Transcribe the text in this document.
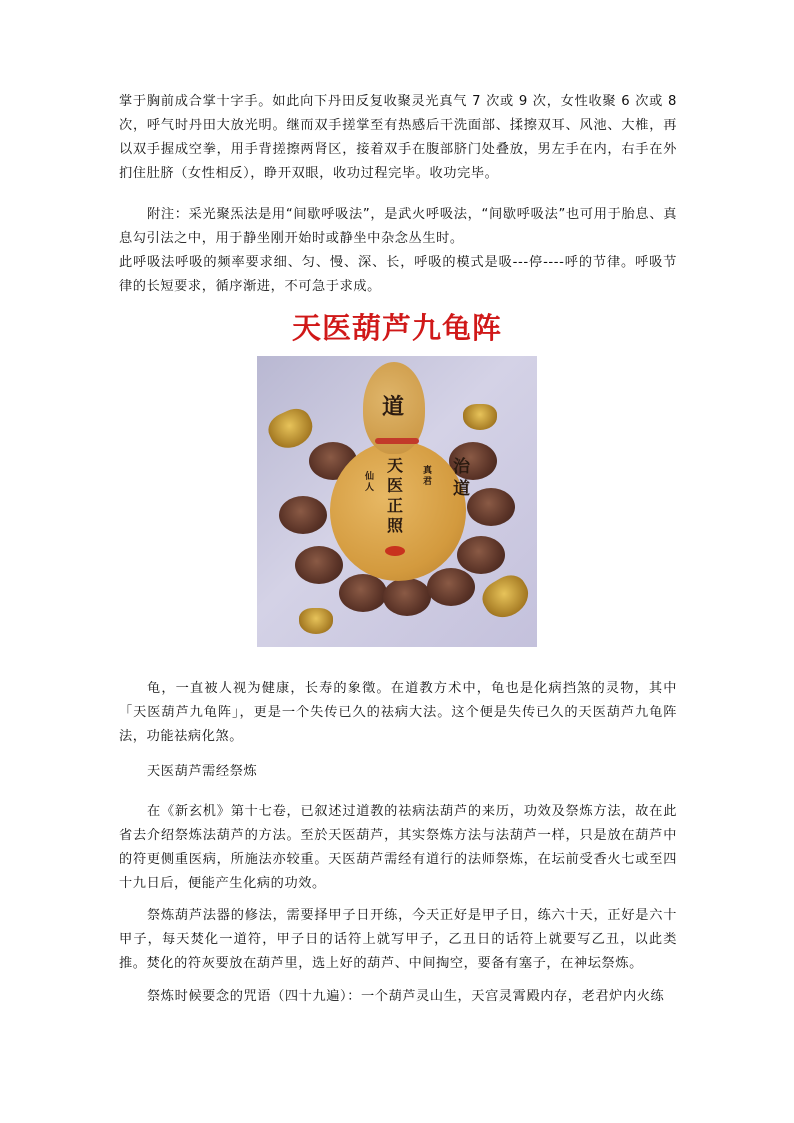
掌于胸前成合掌十字手。如此向下丹田反复收聚灵光真气 7 次或 9 次，女性收聚 6 次或 8 次，呼气时丹田大放光明。继而双手搓掌至有热感后干洗面部、揉擦双耳、风池、大椎，再以双手握成空拳，用手背搓擦两肾区，接着双手在腹部脐门处叠放，男左手在内，右手在外扪住肚脐（女性相反），睁开双眼，收功过程完毕。收功完毕。

附注：采光聚炁法是用“间歇呼吸法”，是武火呼吸法，“间歇呼吸法”也可用于胎息、真息勾引法之中，用于静坐刚开始时或静坐中杂念丛生时。

此呼吸法呼吸的频率要求细、匀、慢、深、长，呼吸的模式是吸---停----呼的节律。呼吸节律的长短要求，循序渐进，不可急于求成。

天医葫芦九龟阵
道
天医正照
真君
仙人
治道

龟，一直被人视为健康，长寿的象徵。在道教方术中，龟也是化病挡煞的灵物，其中「天医葫芦九龟阵」，更是一个失传已久的祛病大法。这个便是失传已久的天医葫芦九龟阵法，功能祛病化煞。

天医葫芦需经祭炼

在《新玄机》第十七卷，已叙述过道教的祛病法葫芦的来历，功效及祭炼方法，故在此省去介绍祭炼法葫芦的方法。至於天医葫芦，其实祭炼方法与法葫芦一样，只是放在葫芦中的符更侧重医病，所施法亦较重。天医葫芦需经有道行的法师祭炼，在坛前受香火七或至四十九日后，便能产生化病的功效。

祭炼葫芦法器的修法，需要择甲子日开练，今天正好是甲子日，练六十天，正好是六十甲子，每天焚化一道符，甲子日的话符上就写甲子，乙丑日的话符上就要写乙丑，以此类推。焚化的符灰要放在葫芦里，选上好的葫芦、中间掏空，要备有塞子，在神坛祭炼。

祭炼时候要念的咒语（四十九遍）：一个葫芦灵山生，天宫灵霄殿内存，老君炉内火练
